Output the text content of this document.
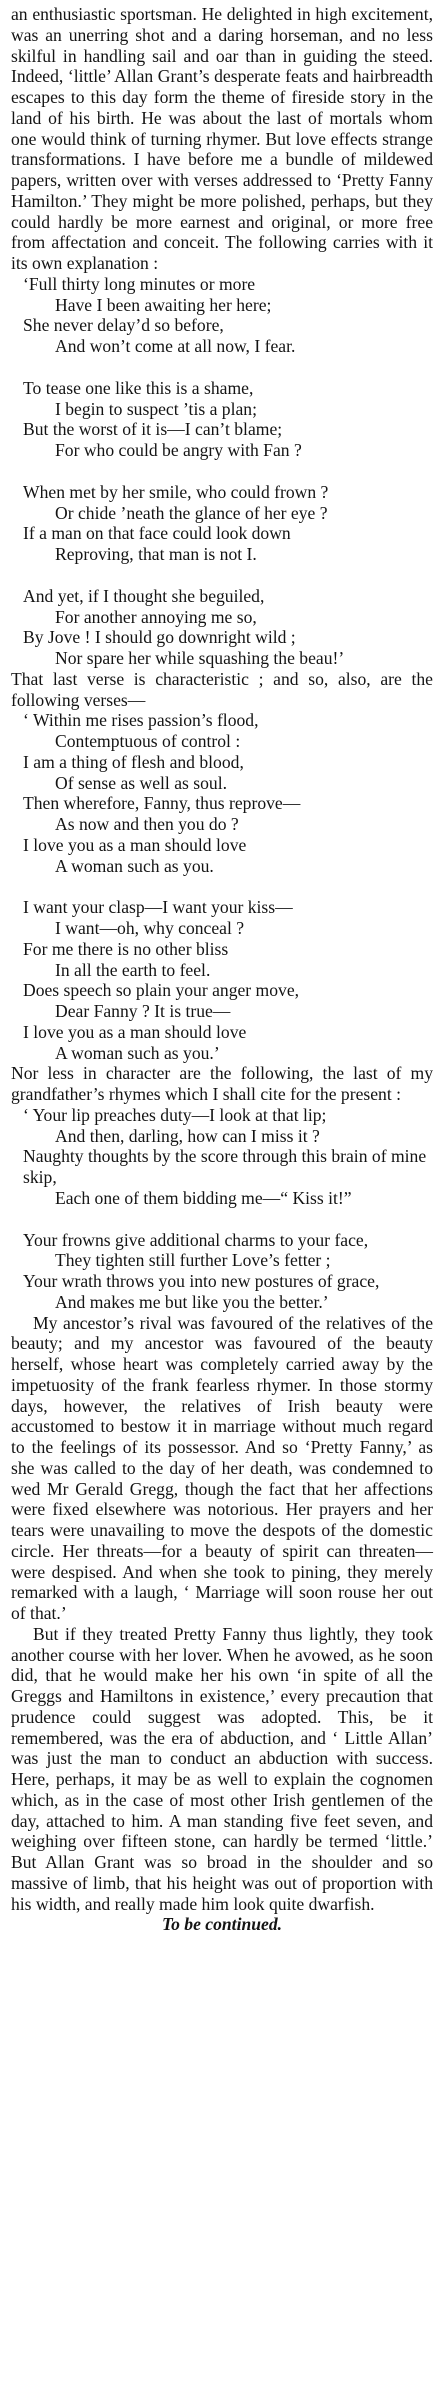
an enthusiastic sportsman. He delighted in high excitement, was an unerring shot and a daring horseman, and no less skilful in handling sail and oar than in guiding the steed. Indeed, ‘little’ Allan Grant’s desperate feats and hairbreadth escapes to this day form the theme of fireside story in the land of his birth. He was about the last of mortals whom one would think of turning rhymer. But love effects strange transformations. I have before me a bundle of mildewed papers, written over with verses addressed to ‘Pretty Fanny Hamilton.’ They might be more polished, perhaps, but they could hardly be more earnest and original, or more free from affectation and conceit. The following carries with it its own explanation :

‘Full thirty long minutes or more
Have I been awaiting her here;
She never delay’d so before,
And won’t come at all now, I fear.
To tease one like this is a shame,
I begin to suspect ’tis a plan;
But the worst of it is—I can’t blame;
For who could be angry with Fan ?
When met by her smile, who could frown ?
Or chide ’neath the glance of her eye ?
If a man on that face could look down
Reproving, that man is not I.
And yet, if I thought she beguiled,
For another annoying me so,
By Jove ! I should go downright wild ;
Nor spare her while squashing the beau!’

That last verse is characteristic ; and so, also, are the following verses—

‘ Within me rises passion’s flood,
Contemptuous of control :
I am a thing of flesh and blood,
Of sense as well as soul.
Then wherefore, Fanny, thus reprove—
As now and then you do ?
I love you as a man should love
A woman such as you.
I want your clasp—I want your kiss—
I want—oh, why conceal ?
For me there is no other bliss
In all the earth to feel.
Does speech so plain your anger move,
Dear Fanny ? It is true—
I love you as a man should love
A woman such as you.’

Nor less in character are the following, the last of my grandfather’s rhymes which I shall cite for the present :

‘ Your lip preaches duty—I look at that lip;
And then, darling, how can I miss it ?
Naughty thoughts by the score through this brain of mine skip,
Each one of them bidding me—“ Kiss it!”
Your frowns give additional charms to your face,
They tighten still further Love’s fetter ;
Your wrath throws you into new postures of grace,
And makes me but like you the better.’

My ancestor’s rival was favoured of the relatives of the beauty; and my ancestor was favoured of the beauty herself, whose heart was completely carried away by the impetuosity of the frank fearless rhymer. In those stormy days, however, the relatives of Irish beauty were accustomed to bestow it in marriage without much regard to the feelings of its possessor. And so ‘Pretty Fanny,’ as she was called to the day of her death, was condemned to wed Mr Gerald Gregg, though the fact that her affections were fixed elsewhere was notorious. Her prayers and her tears were unavailing to move the despots of the domestic circle. Her threats—for a beauty of spirit can threaten—were despised. And when she took to pining, they merely remarked with a laugh, ‘ Marriage will soon rouse her out of that.’

But if they treated Pretty Fanny thus lightly, they took another course with her lover. When he avowed, as he soon did, that he would make her his own ‘in spite of all the Greggs and Hamiltons in existence,’ every precaution that prudence could suggest was adopted. This, be it remembered, was the era of abduction, and ‘ Little Allan’ was just the man to conduct an abduction with success. Here, perhaps, it may be as well to explain the cognomen which, as in the case of most other Irish gentlemen of the day, attached to him. A man standing five feet seven, and weighing over fifteen stone, can hardly be termed ‘little.’ But Allan Grant was so broad in the shoulder and so massive of limb, that his height was out of proportion with his width, and really made him look quite dwarfish.

To be continued.
